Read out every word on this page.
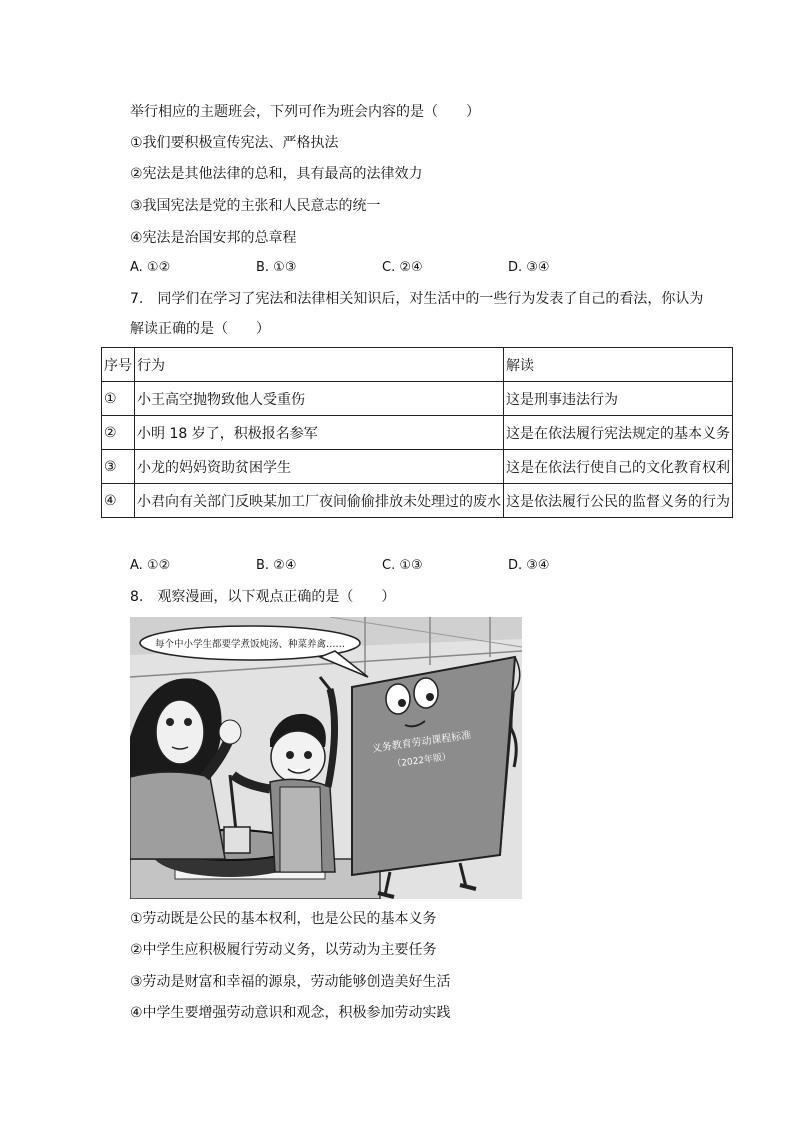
举行相应的主题班会，下列可作为班会内容的是（　　）
①我们要积极宣传宪法、严格执法
②宪法是其他法律的总和，具有最高的法律效力
③我国宪法是党的主张和人民意志的统一
④宪法是治国安邦的总章程
A. ①②	B. ①③	C. ②④	D. ③④
7.　同学们在学习了宪法和法律相关知识后，对生活中的一些行为发表了自己的看法，你认为
解读正确的是（　　）
序号	行为	解读
①	小王高空抛物致他人受重伤	这是刑事违法行为
②	小明 18 岁了，积极报名参军	这是在依法履行宪法规定的基本义务
③	小龙的妈妈资助贫困学生	这是在依法行使自己的文化教育权利
④	小君向有关部门反映某加工厂夜间偷偷排放未处理过的废水	这是依法履行公民的监督义务的行为
A. ①②	B. ②④	C. ①③	D. ③④
8.　观察漫画，以下观点正确的是（　　）
每个中小学生都要学煮饭炖汤、种菜养禽……
义务教育劳动课程标准
（2022年版）
①劳动既是公民的基本权利，也是公民的基本义务
②中学生应积极履行劳动义务，以劳动为主要任务
③劳动是财富和幸福的源泉，劳动能够创造美好生活
④中学生要增强劳动意识和观念，积极参加劳动实践
